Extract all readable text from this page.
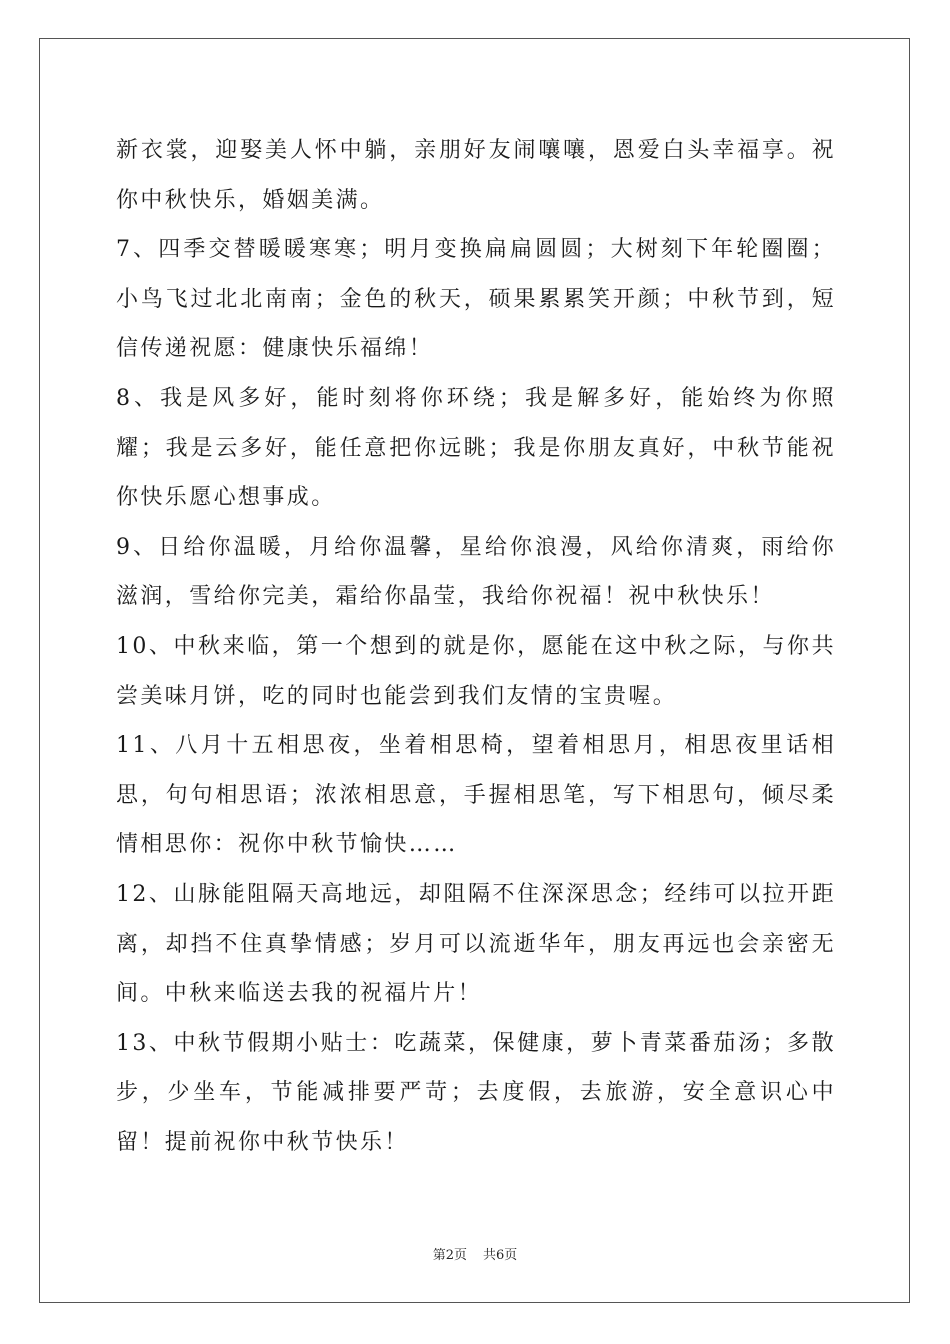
新衣裳，迎娶美人怀中躺，亲朋好友闹嚷嚷，恩爱白头幸福享。祝你中秋快乐，婚姻美满。

7、四季交替暖暖寒寒；明月变换扁扁圆圆；大树刻下年轮圈圈；小鸟飞过北北南南；金色的秋天，硕果累累笑开颜；中秋节到，短信传递祝愿：健康快乐福绵！

8、我是风多好，能时刻将你环绕；我是解多好，能始终为你照耀；我是云多好，能任意把你远眺；我是你朋友真好，中秋节能祝你快乐愿心想事成。

9、日给你温暖，月给你温馨，星给你浪漫，风给你清爽，雨给你滋润，雪给你完美，霜给你晶莹，我给你祝福！祝中秋快乐！

10、中秋来临，第一个想到的就是你，愿能在这中秋之际，与你共尝美味月饼，吃的同时也能尝到我们友情的宝贵喔。

11、八月十五相思夜，坐着相思椅，望着相思月，相思夜里话相思，句句相思语；浓浓相思意，手握相思笔，写下相思句，倾尽柔情相思你：祝你中秋节愉快……

12、山脉能阻隔天高地远，却阻隔不住深深思念；经纬可以拉开距离，却挡不住真挚情感；岁月可以流逝华年，朋友再远也会亲密无间。中秋来临送去我的祝福片片！

13、中秋节假期小贴士：吃蔬菜，保健康，萝卜青菜番茄汤；多散步，少坐车，节能减排要严苛；去度假，去旅游，安全意识心中留！提前祝你中秋节快乐！

第2页 共6页
